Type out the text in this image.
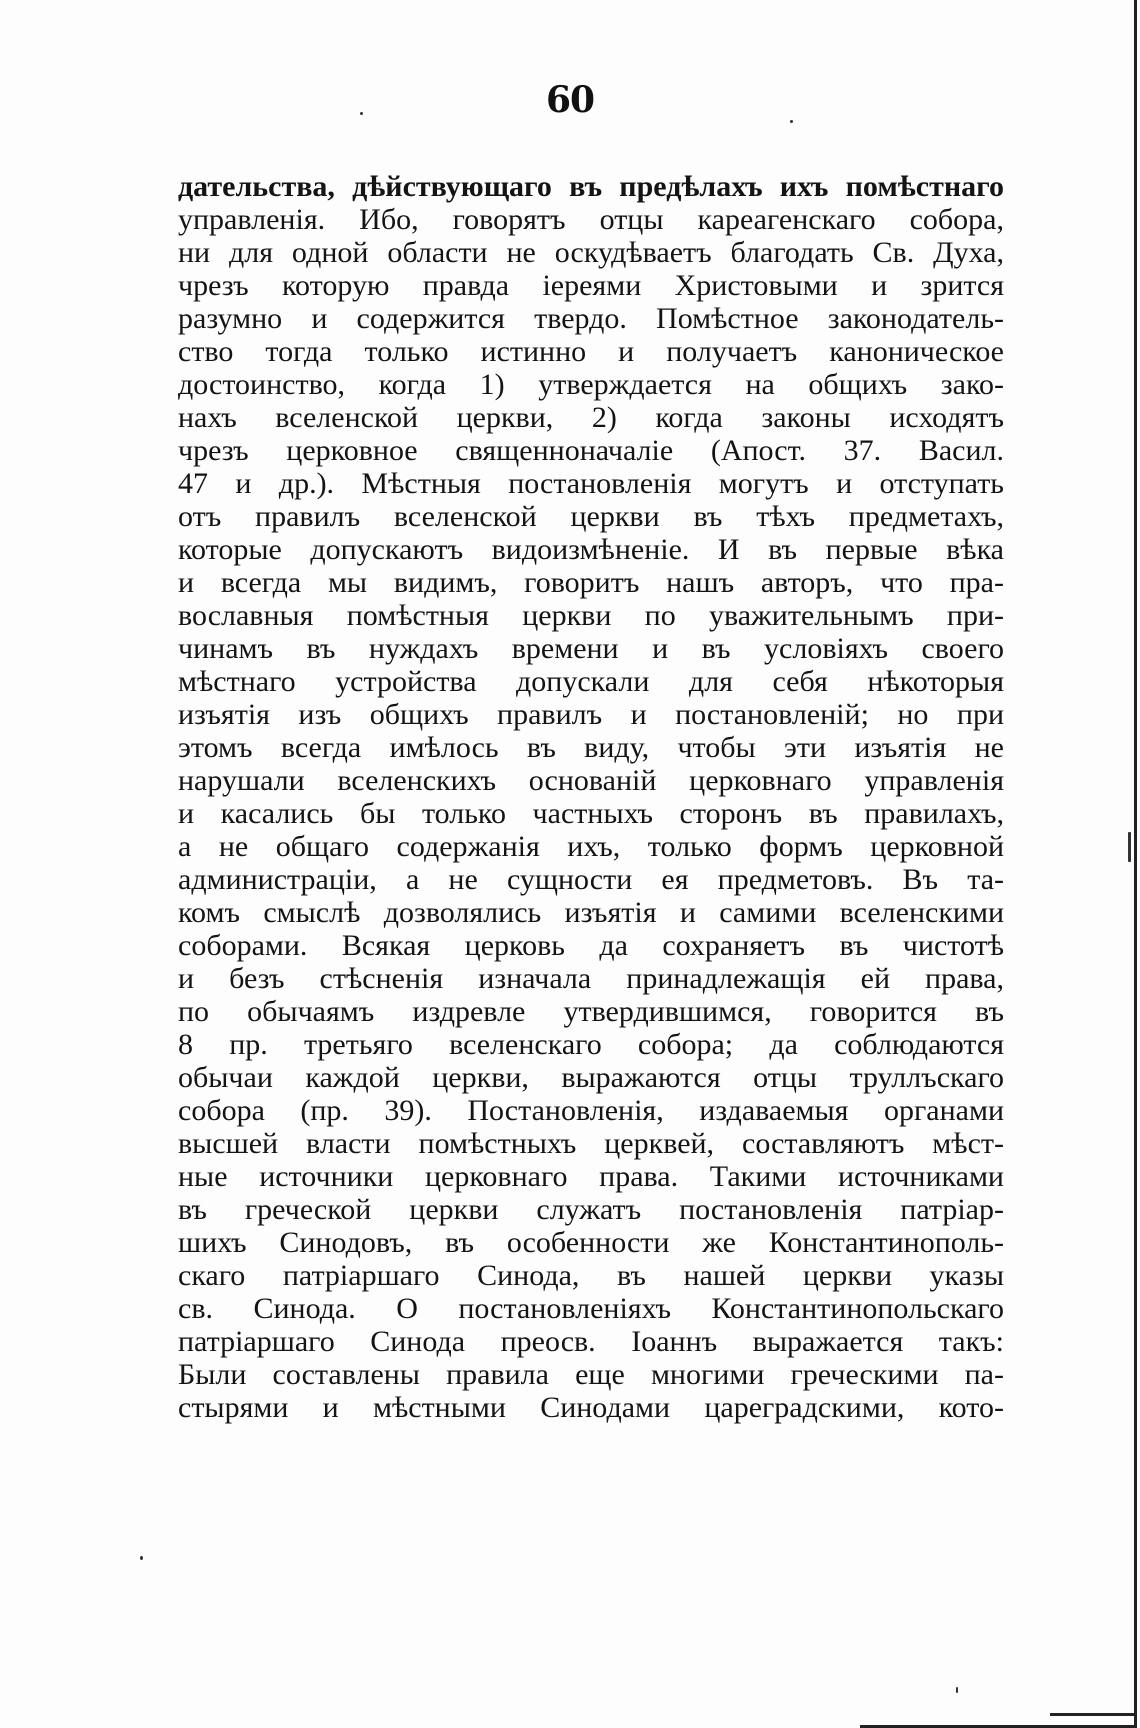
60
дательства, дѣйствующаго въ предѣлахъ ихъ помѣстнаго
управленія. Ибо, говорятъ отцы кареагенскаго собора,
ни для одной области не оскудѣваетъ благодать Св. Духа,
чрезъ которую правда іереями Христовыми и зрится
разумно и содержится твердо. Помѣстное законодатель-
ство тогда только истинно и получаетъ каноническое
достоинство, когда 1) утверждается на общихъ зако-
нахъ вселенской церкви, 2) когда законы исходятъ
чрезъ церковное священноначаліе (Апост. 37. Васил.
47 и др.). Мѣстныя постановленія могутъ и отступать
отъ правилъ вселенской церкви въ тѣхъ предметахъ,
которые допускаютъ видоизмѣненіе. И въ первые вѣка
и всегда мы видимъ, говоритъ нашъ авторъ, что пра-
вославныя помѣстныя церкви по уважительнымъ при-
чинамъ въ нуждахъ времени и въ условіяхъ своего
мѣстнаго устройства допускали для себя нѣкоторыя
изъятія изъ общихъ правилъ и постановленій; но при
этомъ всегда имѣлось въ виду, чтобы эти изъятія не
нарушали вселенскихъ основаній церковнаго управленія
и касались бы только частныхъ сторонъ въ правилахъ,
а не общаго содержанія ихъ, только формъ церковной
администраціи, а не сущности ея предметовъ. Въ та-
комъ смыслѣ дозволялись изъятія и самими вселенскими
соборами. Всякая церковь да сохраняетъ въ чистотѣ
и безъ стѣсненія изначала принадлежащія ей права,
по обычаямъ издревле утвердившимся, говорится въ
8 пр. третьяго вселенскаго собора; да соблюдаются
обычаи каждой церкви, выражаются отцы труллъскаго
собора (пр. 39). Постановленія, издаваемыя органами
высшей власти помѣстныхъ церквей, составляютъ мѣст-
ные источники церковнаго права. Такими источниками
въ греческой церкви служатъ постановленія патріар-
шихъ Синодовъ, въ особенности же Константинополь-
скаго патріаршаго Синода, въ нашей церкви указы
св. Синода. О постановленіяхъ Константинопольскаго
патріаршаго Синода преосв. Іоаннъ выражается такъ:
Были составлены правила еще многими греческими па-
стырями и мѣстными Синодами цареградскими, кото-
